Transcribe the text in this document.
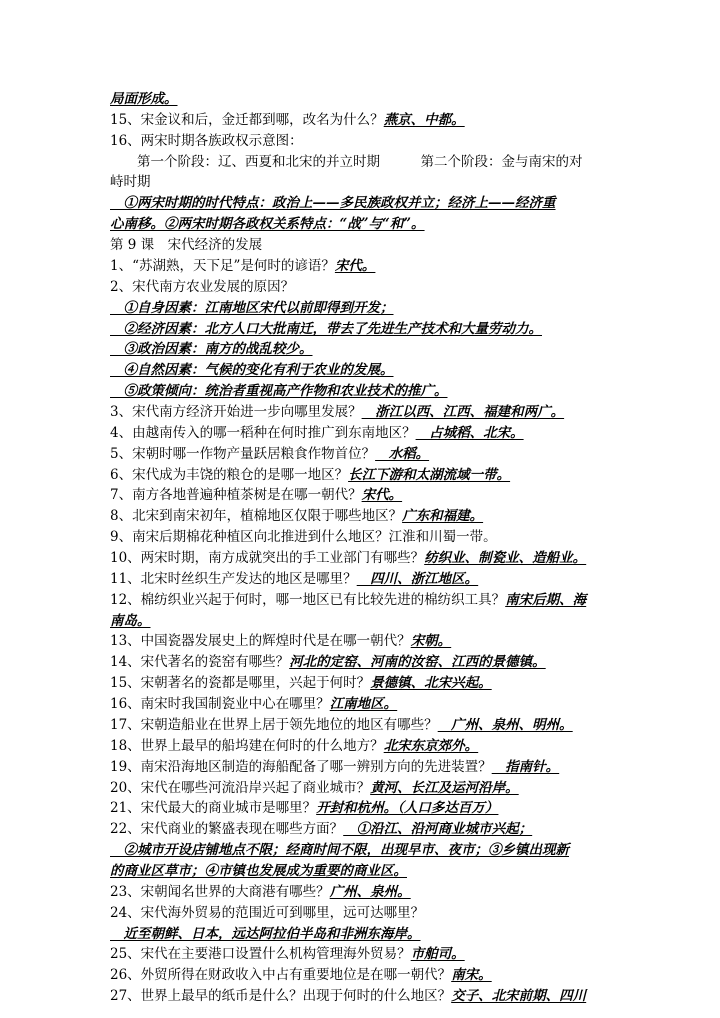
局面形成。
15、宋金议和后，金迁都到哪，改名为什么？燕京、中都。
16、两宋时期各族政权示意图：
　　第一个阶段：辽、西夏和北宋的并立时期　　　第二个阶段：金与南宋的对
峙时期
　①两宋时期的时代特点：政治上——多民族政权并立；经济上——经济重
心南移。②两宋时期各政权关系特点：“战”与“和”。
第 9 课　宋代经济的发展
1、“苏湖熟，天下足”是何时的谚语？宋代。
2、宋代南方农业发展的原因？
　①自身因素：江南地区宋代以前即得到开发；
　②经济因素：北方人口大批南迁，带去了先进生产技术和大量劳动力。
　③政治因素：南方的战乱较少。
　④自然因素：气候的变化有利于农业的发展。
　⑤政策倾向：统治者重视高产作物和农业技术的推广。
3、宋代南方经济开始进一步向哪里发展？　浙江以西、江西、福建和两广。
4、由越南传入的哪一稻种在何时推广到东南地区？　占城稻、北宋。
5、宋朝时哪一作物产量跃居粮食作物首位？　水稻。
6、宋代成为丰饶的粮仓的是哪一地区？长江下游和太湖流域一带。
7、南方各地普遍种植茶树是在哪一朝代？宋代。
8、北宋到南宋初年，植棉地区仅限于哪些地区？广东和福建。
9、南宋后期棉花种植区向北推进到什么地区？江淮和川蜀一带。
10、两宋时期，南方成就突出的手工业部门有哪些？纺织业、制瓷业、造船业。
11、北宋时丝织生产发达的地区是哪里？　四川、浙江地区。
12、棉纺织业兴起于何时，哪一地区已有比较先进的棉纺织工具？南宋后期、海
南岛。
13、中国瓷器发展史上的辉煌时代是在哪一朝代？宋朝。
14、宋代著名的瓷窑有哪些？河北的定窑、河南的汝窑、江西的景德镇。
15、宋朝著名的瓷都是哪里，兴起于何时？景德镇、北宋兴起。
16、南宋时我国制瓷业中心在哪里？江南地区。
17、宋朝造船业在世界上居于领先地位的地区有哪些？　广州、泉州、明州。
18、世界上最早的船坞建在何时的什么地方？北宋东京郊外。
19、南宋沿海地区制造的海船配备了哪一辨别方向的先进装置？　指南针。
20、宋代在哪些河流沿岸兴起了商业城市？黄河、长江及运河沿岸。
21、宋代最大的商业城市是哪里？开封和杭州。（人口多达百万）
22、宋代商业的繁盛表现在哪些方面？　①沿江、沿河商业城市兴起；
　②城市开设店铺地点不限；经商时间不限，出现早市、夜市；③乡镇出现新
的商业区草市；④市镇也发展成为重要的商业区。
23、宋朝闻名世界的大商港有哪些？广州、泉州。
24、宋代海外贸易的范围近可到哪里，远可达哪里？
　近至朝鲜、日本，远达阿拉伯半岛和非洲东海岸。
25、宋代在主要港口设置什么机构管理海外贸易？市舶司。
26、外贸所得在财政收入中占有重要地位是在哪一朝代？南宋。
27、世界上最早的纸币是什么？出现于何时的什么地区？交子、北宋前期、四川
